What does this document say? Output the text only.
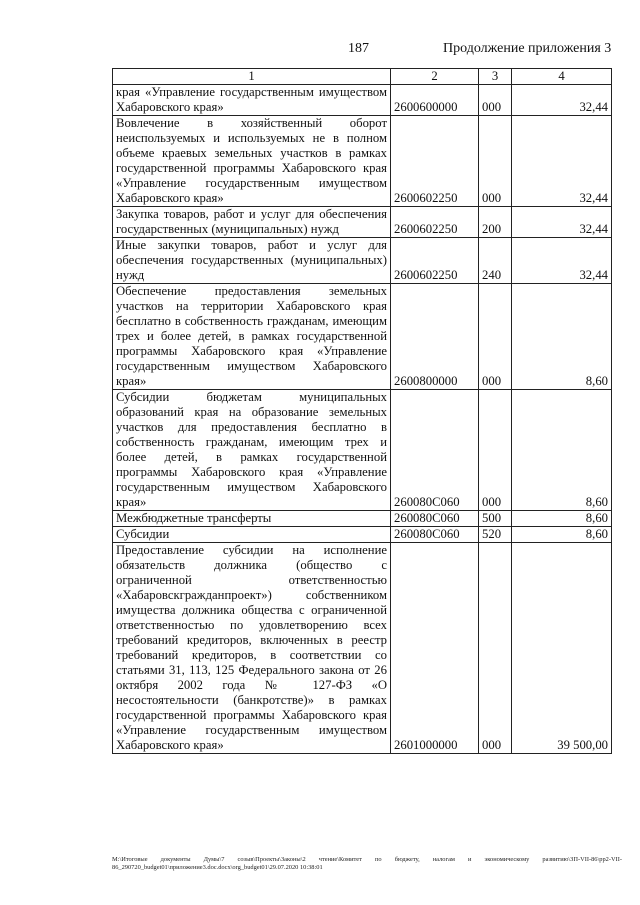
187	Продолжение приложения 3
1	2	3	4
края «Управление государственным имуществом Хабаровского края»	2600600000	000	32,44
Вовлечение в хозяйственный оборот неиспользуемых и используемых не в полном объеме краевых земельных участков в рамках государственной программы Хабаровского края «Управление государственным имуществом Хабаровского края»	2600602250	000	32,44
Закупка товаров, работ и услуг для обеспечения государственных (муниципальных) нужд	2600602250	200	32,44
Иные закупки товаров, работ и услуг для обеспечения государственных (муниципальных) нужд	2600602250	240	32,44
Обеспечение предоставления земельных участков на территории Хабаровского края бесплатно в собственность гражданам, имеющим трех и более детей, в рамках государственной программы Хабаровского края «Управление государственным имуществом Хабаровского края»	2600800000	000	8,60
Субсидии бюджетам муниципальных образований края на образование земельных участков для предоставления бесплатно в собственность гражданам, имеющим трех и более детей, в рамках государственной программы Хабаровского края «Управление государственным имуществом Хабаровского края»	260080С060	000	8,60
Межбюджетные трансферты	260080С060	500	8,60
Субсидии	260080С060	520	8,60
Предоставление субсидии на исполнение обязательств должника (общество с ограниченной ответственностью «Хабаровскгражданпроект») собственником имущества должника общества с ограниченной ответственностью по удовлетворению всех требований кредиторов, включенных в реестр требований кредиторов, в соответствии со статьями 31, 113, 125 Федерального закона от 26 октября 2002 года № 127-ФЗ «О несостоятельности (банкротстве)» в рамках государственной программы Хабаровского края «Управление государственным имуществом Хабаровского края»	2601000000	000	39 500,00
M:\Итоговые документы Думы\7 созыв\Проекты\Законы\2 чтение\Комитет по бюджету, налогам и экономическому развитию\ЗП-VII-86\pp2-VII-86_290720_budget01\приложение3.doc.docx\org_budget01\29.07.2020 10:38:01
